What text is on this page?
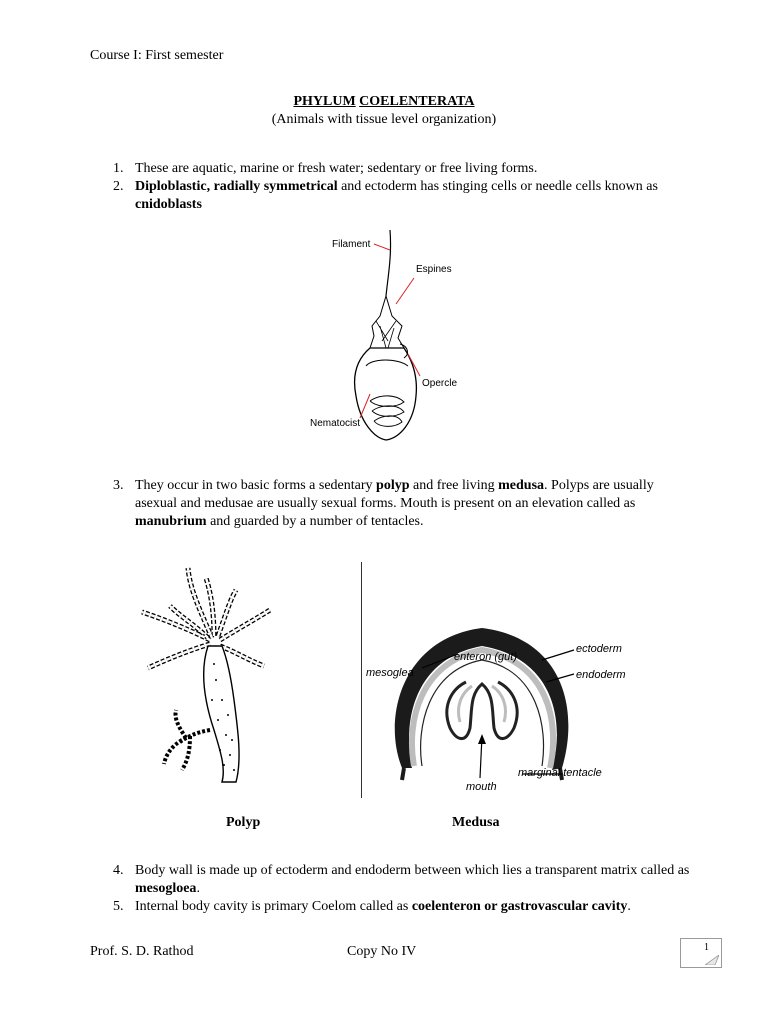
Course I: First semester
PHYLUM COELENTERATA
(Animals with tissue level organization)
1. These are aquatic, marine or fresh water; sedentary or free living forms.
2. Diploblastic, radially symmetrical and ectoderm has stinging cells or needle cells known as cnidoblasts
Filament
Espines
Opercle
Nematocist
3. They occur in two basic forms a sedentary polyp and free living medusa. Polyps are usually asexual and medusae are usually sexual forms. Mouth is present on an elevation called as manubrium and guarded by a number of tentacles.
ectoderm
enteron (gut)
mesoglea	endoderm
mouth
marginal tentacle
Polyp	Medusa
4. Body wall is made up of ectoderm and endoderm between which lies a transparent matrix called as mesogloea.
5. Internal body cavity is primary Coelom called as coelenteron or gastrovascular cavity.
Prof. S. D. Rathod	Copy No IV	1
